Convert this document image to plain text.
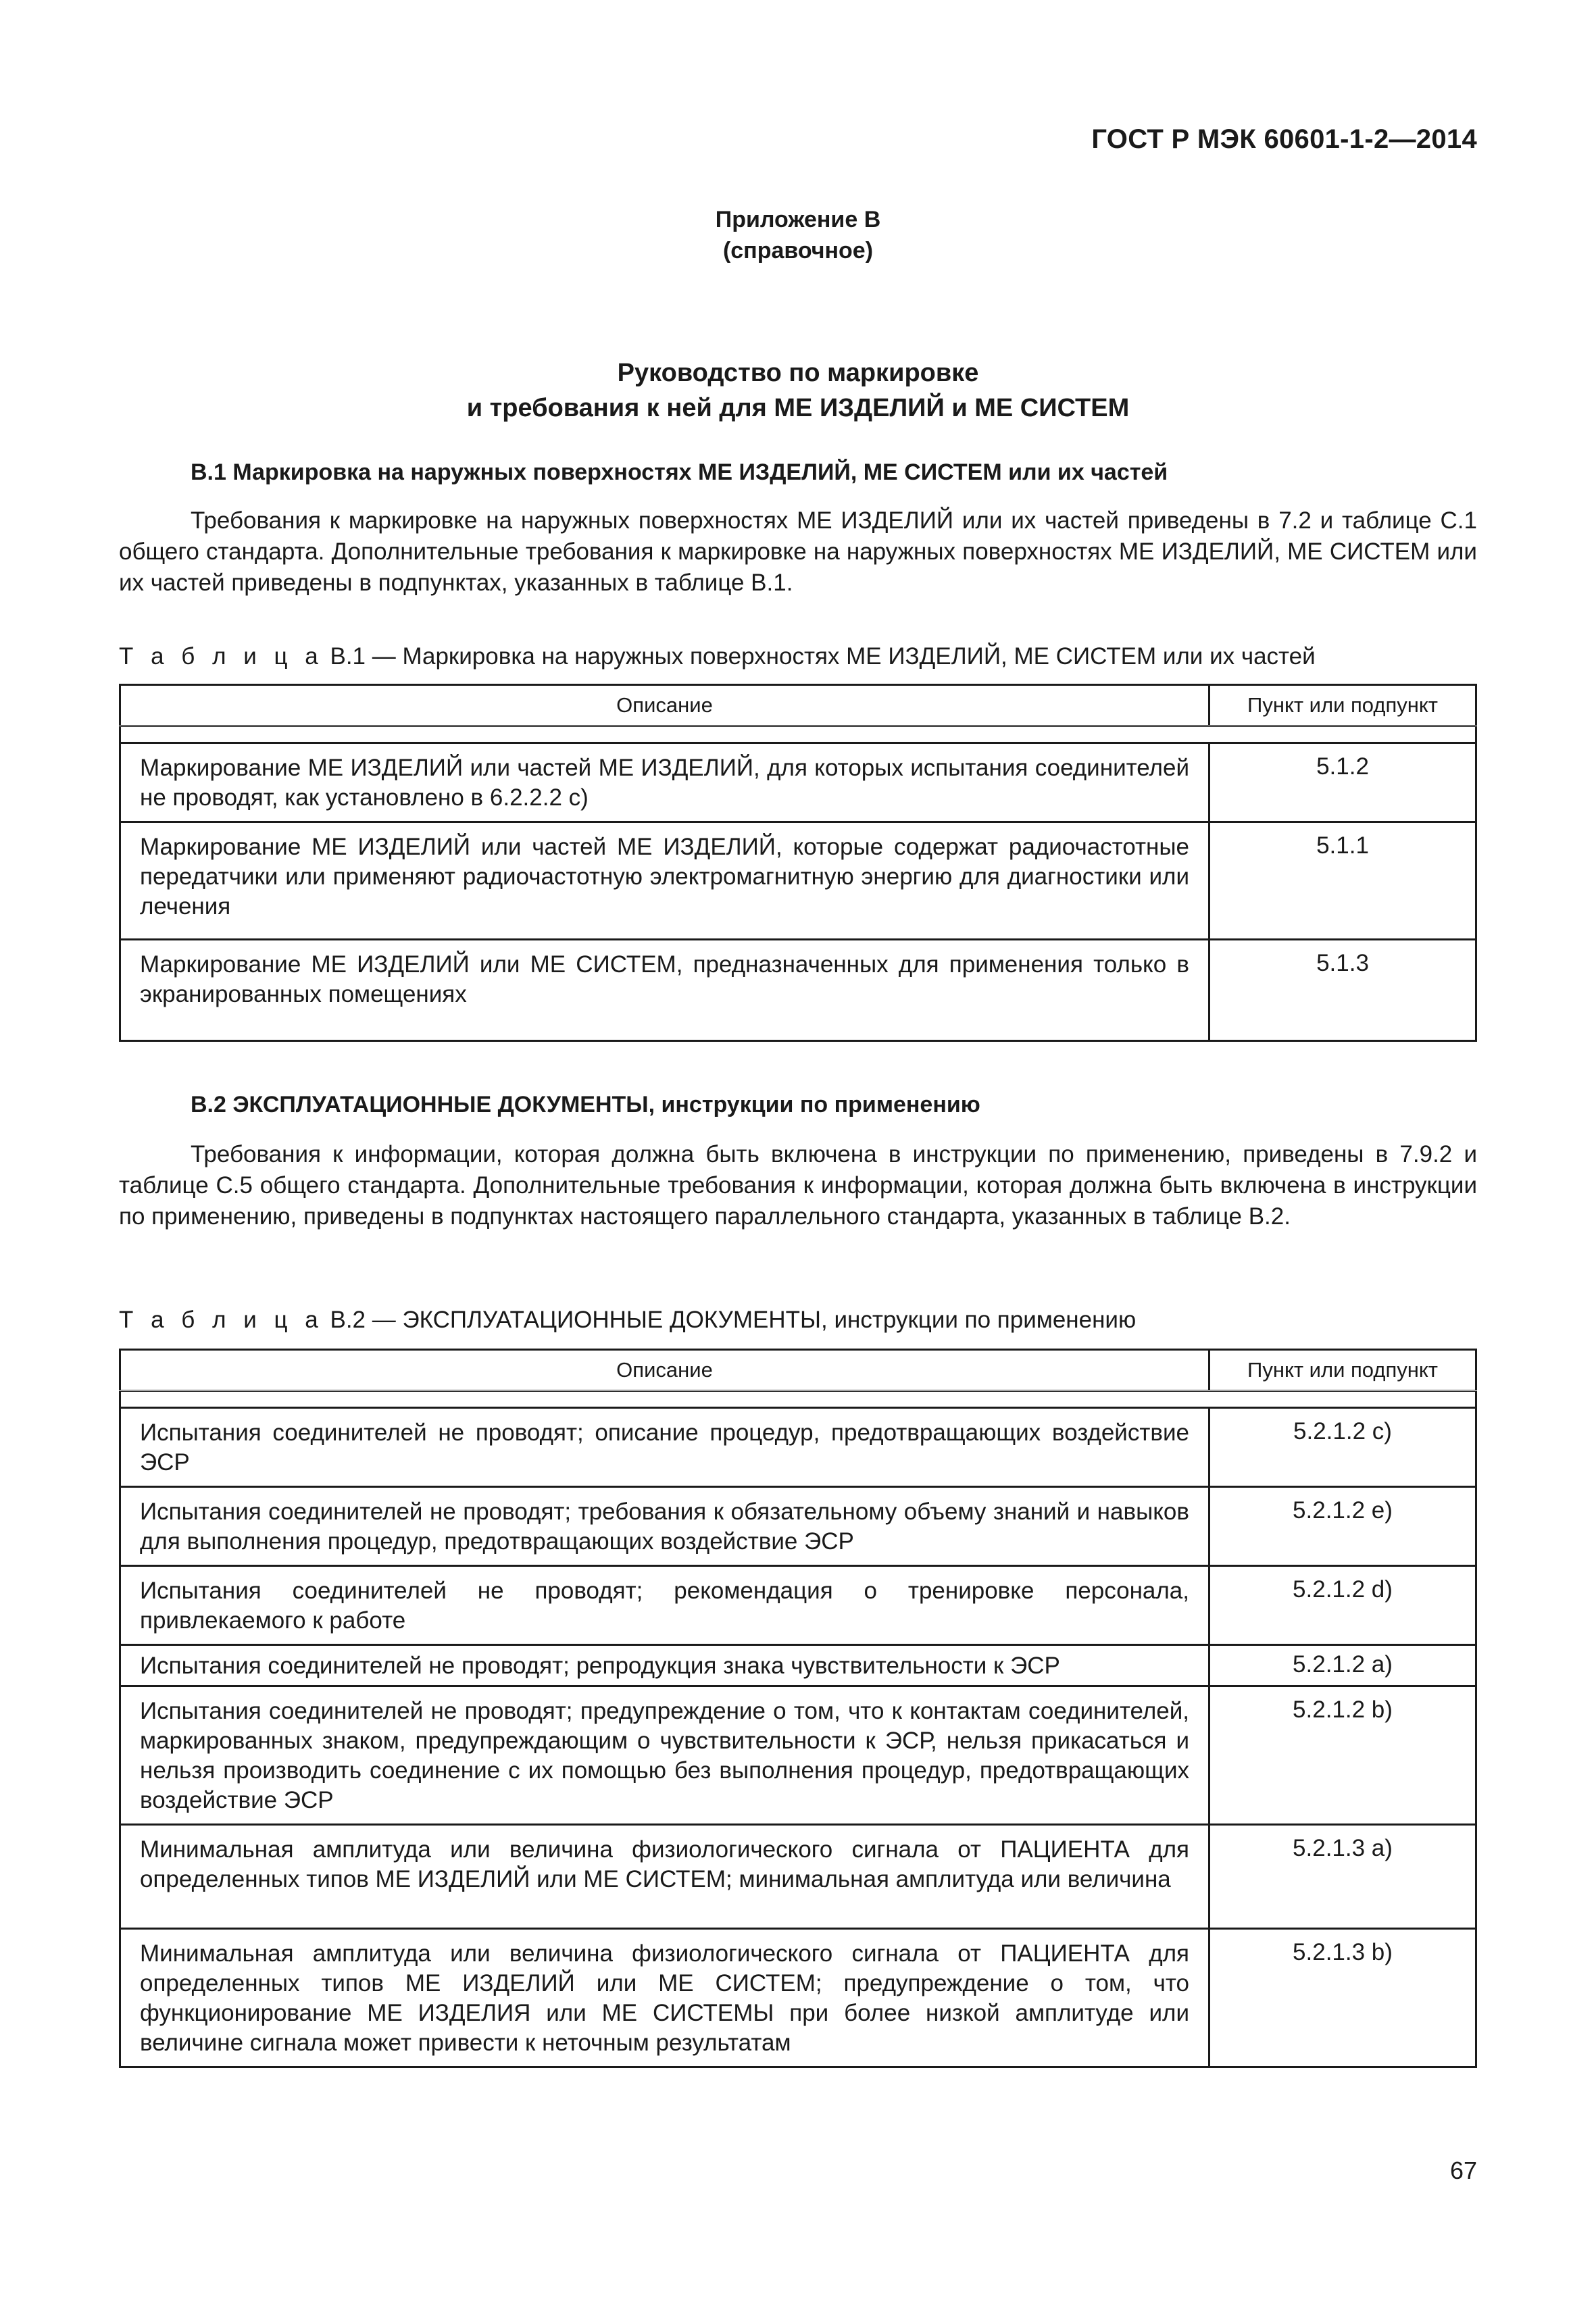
ГОСТ Р МЭК 60601-1-2—2014
Приложение B
(справочное)
Руководство по маркировке
и требования к ней для МЕ ИЗДЕЛИЙ и МЕ СИСТЕМ
B.1 Маркировка на наружных поверхностях МЕ ИЗДЕЛИЙ, МЕ СИСТЕМ или их частей
Требования к маркировке на наружных поверхностях МЕ ИЗДЕЛИЙ или их частей приведены в 7.2 и таблице С.1 общего стандарта. Дополнительные требования к маркировке на наружных поверхностях МЕ ИЗДЕЛИЙ, МЕ СИСТЕМ или их частей приведены в подпунктах, указанных в таблице B.1.
Т а б л и ц а B.1 — Маркировка на наружных поверхностях МЕ ИЗДЕЛИЙ, МЕ СИСТЕМ или их частей
Описание	Пункт или подпункт

Маркирование МЕ ИЗДЕЛИЙ или частей МЕ ИЗДЕЛИЙ, для которых испытания соединителей не проводят, как установлено в 6.2.2.2 с)	5.1.2
Маркирование МЕ ИЗДЕЛИЙ или частей МЕ ИЗДЕЛИЙ, которые содержат радиочастотные передатчики или применяют радиочастотную электромагнитную энергию для диагностики или лечения	5.1.1
Маркирование МЕ ИЗДЕЛИЙ или МЕ СИСТЕМ, предназначенных для применения только в экранированных помещениях	5.1.3
B.2 ЭКСПЛУАТАЦИОННЫЕ ДОКУМЕНТЫ, инструкции по применению
Требования к информации, которая должна быть включена в инструкции по применению, приведены в 7.9.2 и таблице С.5 общего стандарта. Дополнительные требования к информации, которая должна быть включена в инструкции по применению, приведены в подпунктах настоящего параллельного стандарта, указанных в таблице B.2.
Т а б л и ц а B.2 — ЭКСПЛУАТАЦИОННЫЕ ДОКУМЕНТЫ, инструкции по применению
Описание	Пункт или подпункт

Испытания соединителей не проводят; описание процедур, предотвращающих воздействие ЭСР	5.2.1.2 c)
Испытания соединителей не проводят; требования к обязательному объему знаний и навыков для выполнения процедур, предотвращающих воздействие ЭСР	5.2.1.2 e)
Испытания соединителей не проводят; рекомендация о тренировке персонала, привлекаемого к работе	5.2.1.2 d)
Испытания соединителей не проводят; репродукция знака чувствительности к ЭСР	5.2.1.2 a)
Испытания соединителей не проводят; предупреждение о том, что к контактам соединителей, маркированных знаком, предупреждающим о чувствительности к ЭСР, нельзя прикасаться и нельзя производить соединение с их помощью без выполнения процедур, предотвращающих воздействие ЭСР	5.2.1.2 b)
Минимальная амплитуда или величина физиологического сигнала от ПАЦИЕНТА для определенных типов МЕ ИЗДЕЛИЙ или МЕ СИСТЕМ; минимальная амплитуда или величина	5.2.1.3 a)
Минимальная амплитуда или величина физиологического сигнала от ПАЦИЕНТА для определенных типов МЕ ИЗДЕЛИЙ или МЕ СИСТЕМ; предупреждение о том, что функционирование МЕ ИЗДЕЛИЯ или МЕ СИСТЕМЫ при более низкой амплитуде или величине сигнала может привести к неточным результатам	5.2.1.3 b)
67
